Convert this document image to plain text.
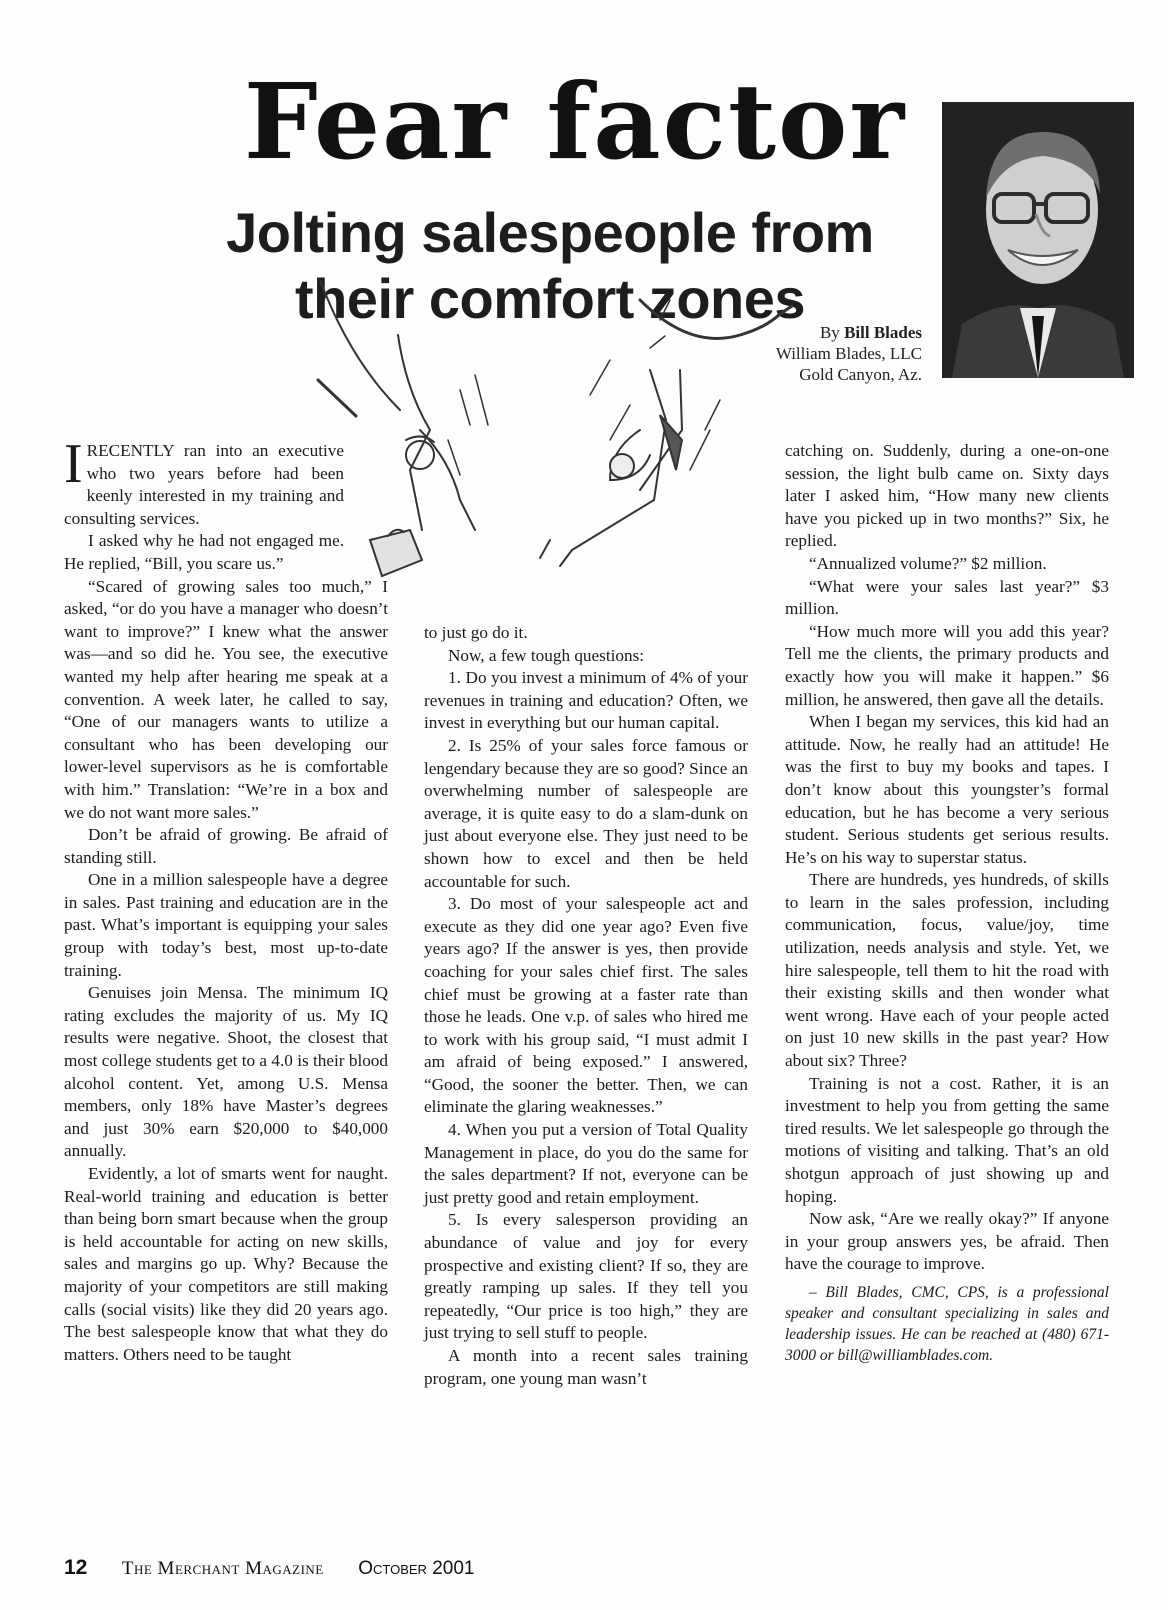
Fear factor
Jolting salespeople from their comfort zones
By Bill Blades
William Blades, LLC
Gold Canyon, Az.

I RECENTLY ran into an executive who two years before had been keenly interested in my training and consulting services.

I asked why he had not engaged me. He replied, “Bill, you scare us.”

“Scared of growing sales too much,” I asked, “or do you have a manager who doesn’t want to improve?” I knew what the answer was—and so did he. You see, the executive wanted my help after hearing me speak at a convention. A week later, he called to say, “One of our managers wants to utilize a consultant who has been developing our lower-level supervisors as he is comfortable with him.” Translation: “We’re in a box and we do not want more sales.”

Don’t be afraid of growing. Be afraid of standing still.

One in a million salespeople have a degree in sales. Past training and education are in the past. What’s important is equipping your sales group with today’s best, most up-to-date training.

Genuises join Mensa. The minimum IQ rating excludes the majority of us. My IQ results were negative. Shoot, the closest that most college students get to a 4.0 is their blood alcohol content. Yet, among U.S. Mensa members, only 18% have Master’s degrees and just 30% earn $20,000 to $40,000 annually.

Evidently, a lot of smarts went for naught. Real-world training and education is better than being born smart because when the group is held accountable for acting on new skills, sales and margins go up. Why? Because the majority of your competitors are still making calls (social visits) like they did 20 years ago. The best salespeople know that what they do matters. Others need to be taught

to just go do it.

Now, a few tough questions:

1. Do you invest a minimum of 4% of your revenues in training and education? Often, we invest in everything but our human capital.

2. Is 25% of your sales force famous or lengendary because they are so good? Since an overwhelming number of salespeople are average, it is quite easy to do a slam-dunk on just about everyone else. They just need to be shown how to excel and then be held accountable for such.

3. Do most of your salespeople act and execute as they did one year ago? Even five years ago? If the answer is yes, then provide coaching for your sales chief first. The sales chief must be growing at a faster rate than those he leads. One v.p. of sales who hired me to work with his group said, “I must admit I am afraid of being exposed.” I answered, “Good, the sooner the better. Then, we can eliminate the glaring weaknesses.”

4. When you put a version of Total Quality Management in place, do you do the same for the sales department? If not, everyone can be just pretty good and retain employment.

5. Is every salesperson providing an abundance of value and joy for every prospective and existing client? If so, they are greatly ramping up sales. If they tell you repeatedly, “Our price is too high,” they are just trying to sell stuff to people.

A month into a recent sales training program, one young man wasn’t

catching on. Suddenly, during a one-on-one session, the light bulb came on. Sixty days later I asked him, “How many new clients have you picked up in two months?” Six, he replied.

“Annualized volume?” $2 million.

“What were your sales last year?” $3 million.

“How much more will you add this year? Tell me the clients, the primary products and exactly how you will make it happen.” $6 million, he answered, then gave all the details.

When I began my services, this kid had an attitude. Now, he really had an attitude! He was the first to buy my books and tapes. I don’t know about this youngster’s formal education, but he has become a very serious student. Serious students get serious results. He’s on his way to superstar status.

There are hundreds, yes hundreds, of skills to learn in the sales profession, including communication, focus, value/joy, time utilization, needs analysis and style. Yet, we hire salespeople, tell them to hit the road with their existing skills and then wonder what went wrong. Have each of your people acted on just 10 new skills in the past year? How about six? Three?

Training is not a cost. Rather, it is an investment to help you from getting the same tired results. We let salespeople go through the motions of visiting and talking. That’s an old shotgun approach of just showing up and hoping.

Now ask, “Are we really okay?” If anyone in your group answers yes, be afraid. Then have the courage to improve.

– Bill Blades, CMC, CPS, is a professional speaker and consultant specializing in sales and leadership issues. He can be reached at (480) 671-3000 or bill@williamblades.com.

12 The Merchant Magazine October 2001
